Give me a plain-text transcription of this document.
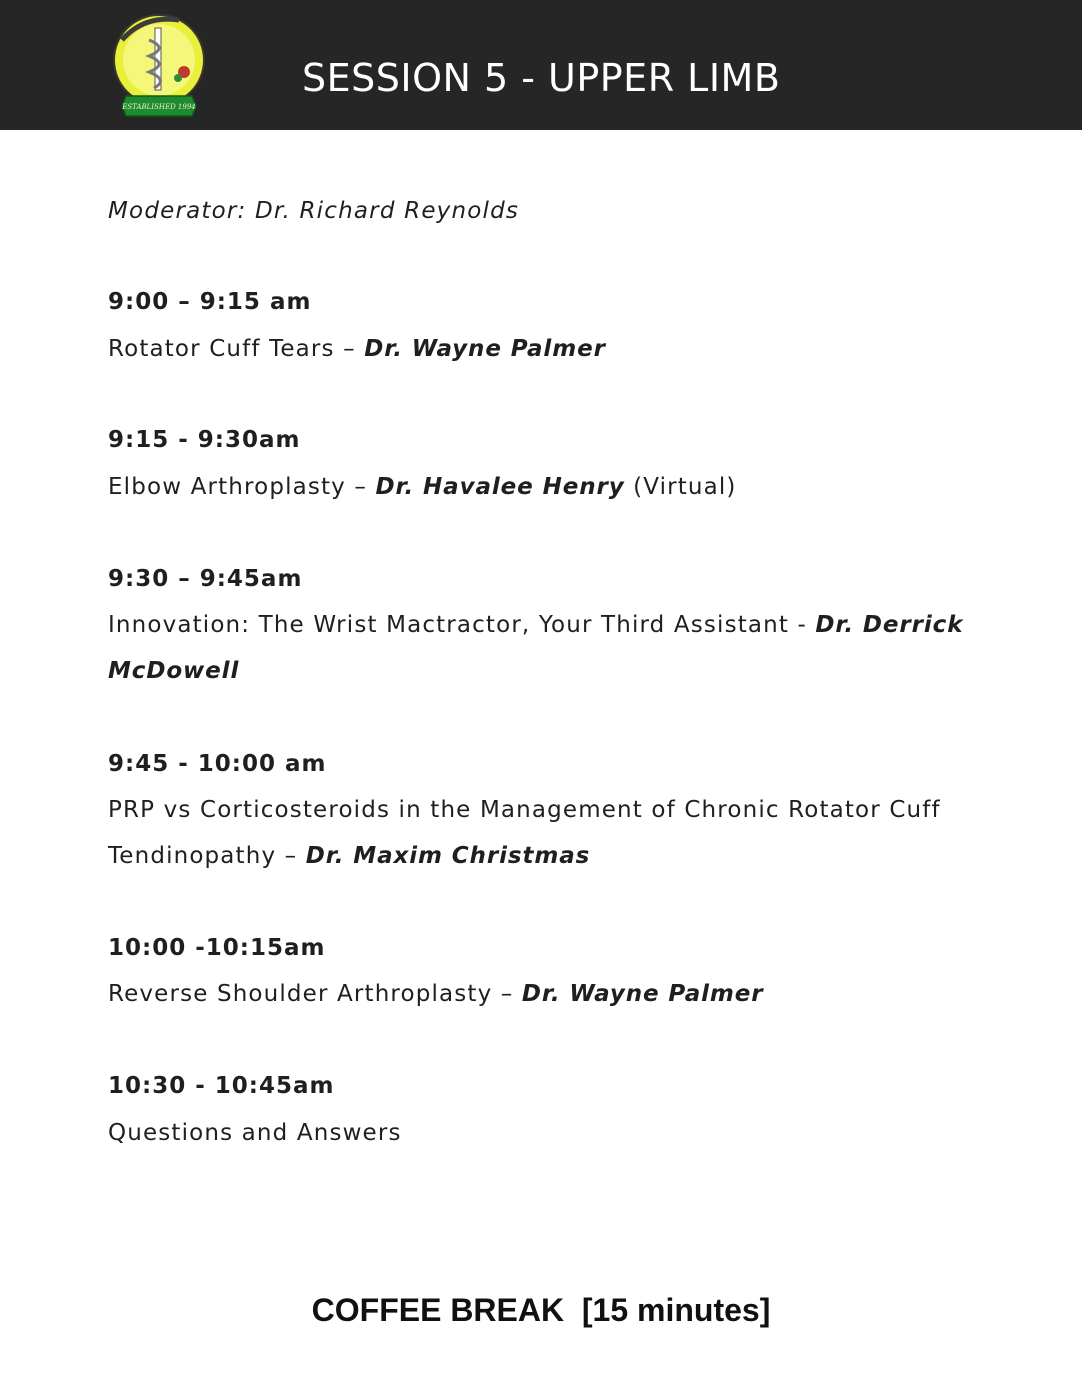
ESTABLISHED 1994
SESSION 5 - UPPER LIMB
Moderator: Dr. Richard Reynolds
9:00 – 9:15 am
Rotator Cuff Tears – Dr. Wayne Palmer
9:15 - 9:30am
Elbow Arthroplasty – Dr. Havalee Henry (Virtual)
9:30 – 9:45am
Innovation: The Wrist Mactractor, Your Third Assistant - Dr. Derrick
McDowell
9:45 - 10:00 am
PRP vs Corticosteroids in the Management of Chronic Rotator Cuff
Tendinopathy – Dr. Maxim Christmas
10:00 -10:15am
Reverse Shoulder Arthroplasty – Dr. Wayne Palmer
10:30 - 10:45am
Questions and Answers
COFFEE BREAK  [15 minutes]
